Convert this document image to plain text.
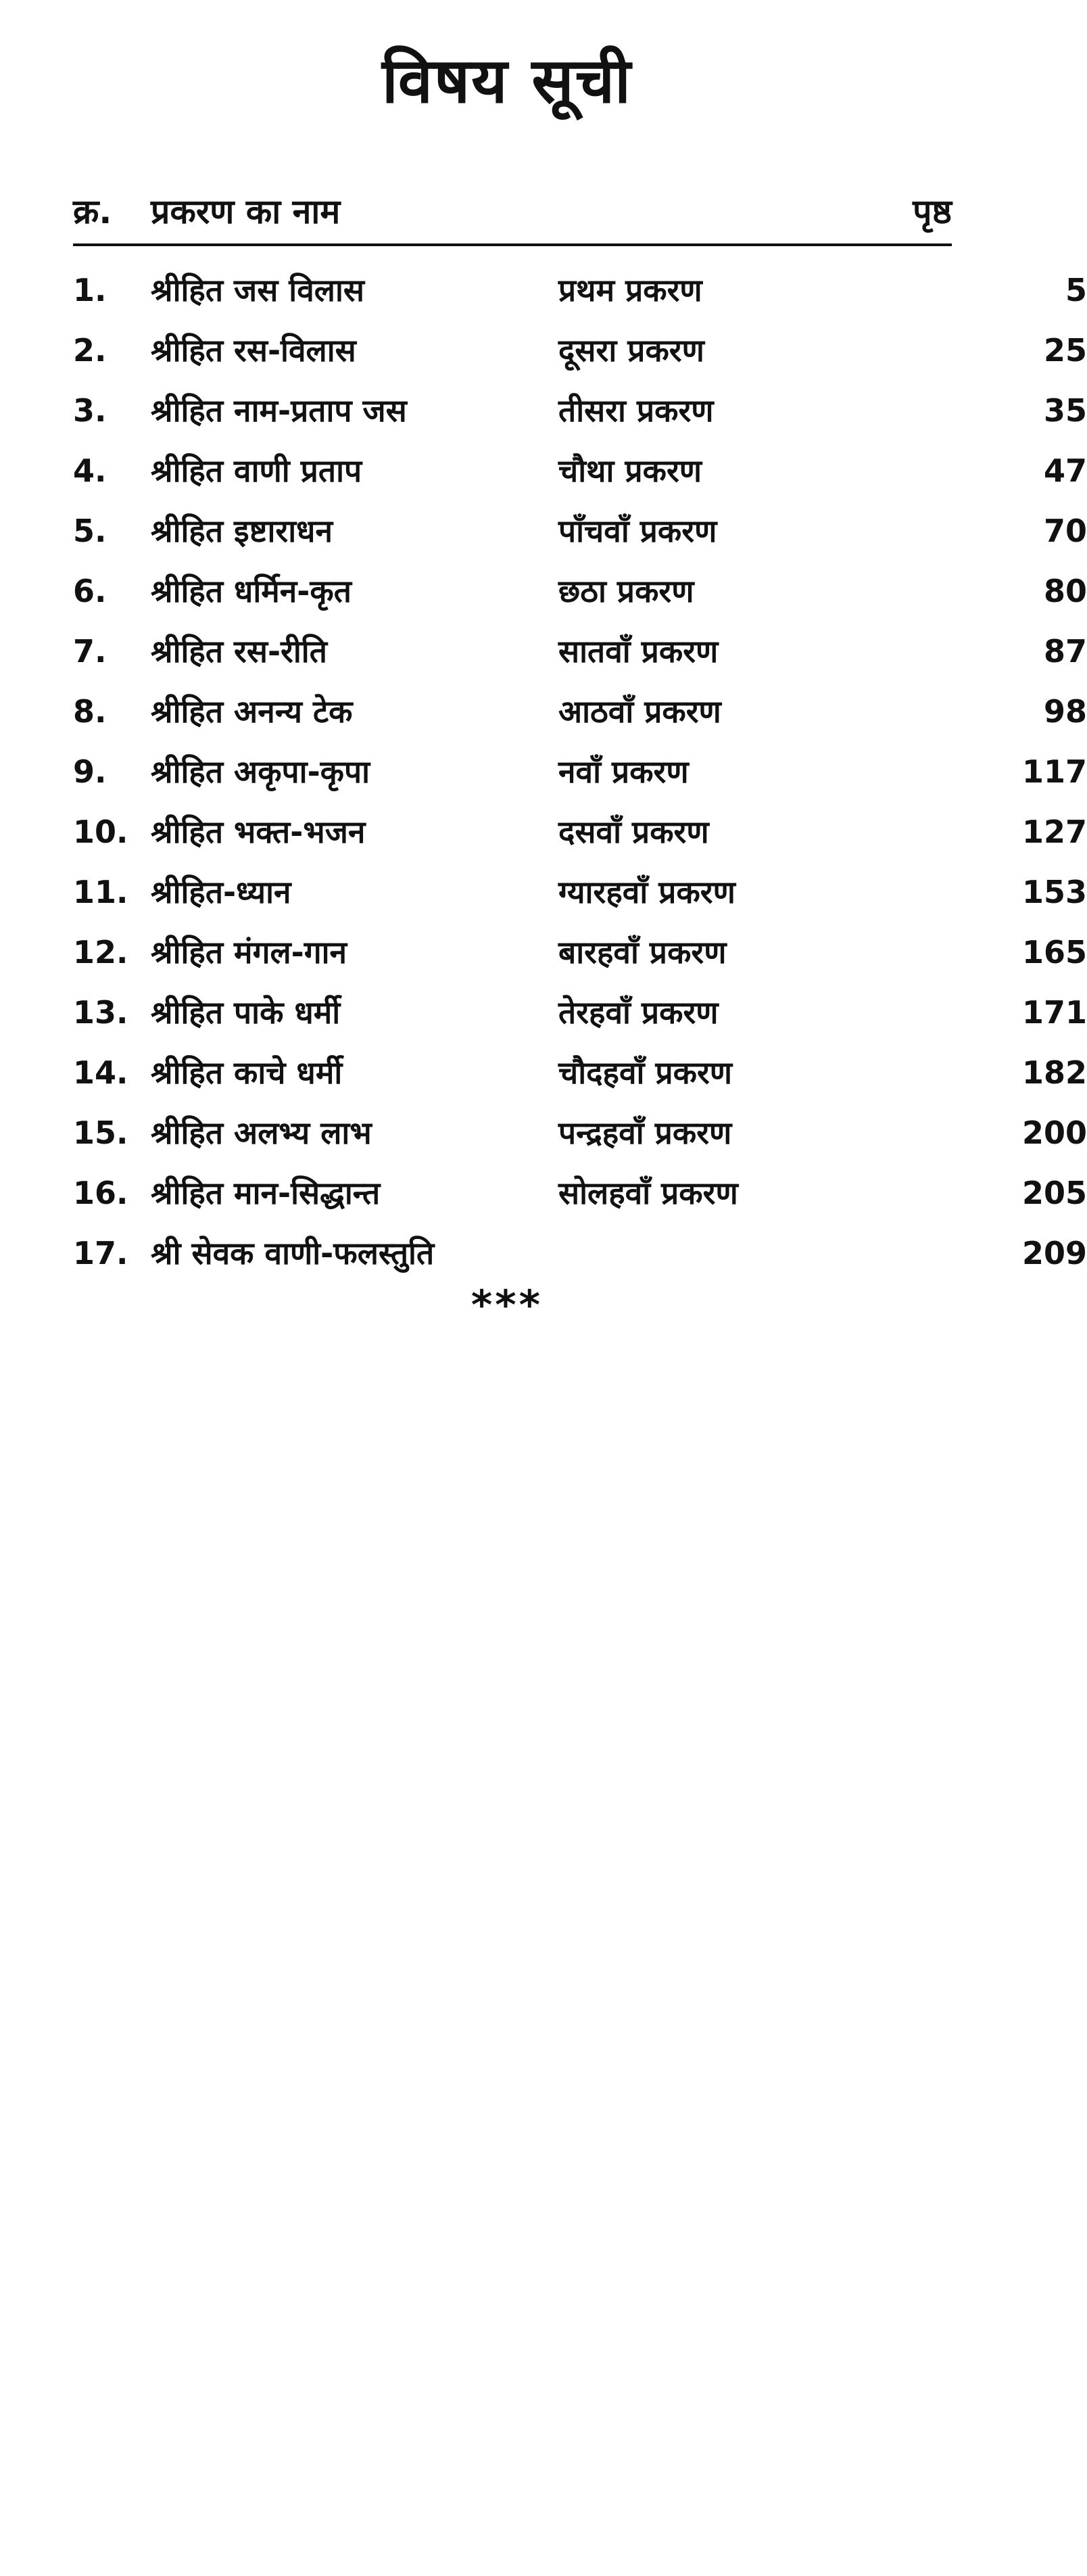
विषय सूची
क्र. प्रकरण का नाम	पृष्ठ
1. श्रीहित जस विलास	प्रथम प्रकरण	5
2. श्रीहित रस-विलास	दूसरा प्रकरण	25
3. श्रीहित नाम-प्रताप जस	तीसरा प्रकरण	35
4. श्रीहित वाणी प्रताप	चौथा प्रकरण	47
5. श्रीहित इष्टाराधन	पाँचवाँ प्रकरण	70
6. श्रीहित धर्मिन-कृत	छठा प्रकरण	80
7. श्रीहित रस-रीति	सातवाँ प्रकरण	87
8. श्रीहित अनन्य टेक	आठवाँ प्रकरण	98
9. श्रीहित अकृपा-कृपा	नवाँ प्रकरण	117
10. श्रीहित भक्त-भजन	दसवाँ प्रकरण	127
11. श्रीहित-ध्यान	ग्यारहवाँ प्रकरण	153
12. श्रीहित मंगल-गान	बारहवाँ प्रकरण	165
13. श्रीहित पाके धर्मी	तेरहवाँ प्रकरण	171
14. श्रीहित काचे धर्मी	चौदहवाँ प्रकरण	182
15. श्रीहित अलभ्य लाभ	पन्द्रहवाँ प्रकरण	200
16. श्रीहित मान-सिद्धान्त	सोलहवाँ प्रकरण	205
17. श्री सेवक वाणी-फलस्तुति	209
***
